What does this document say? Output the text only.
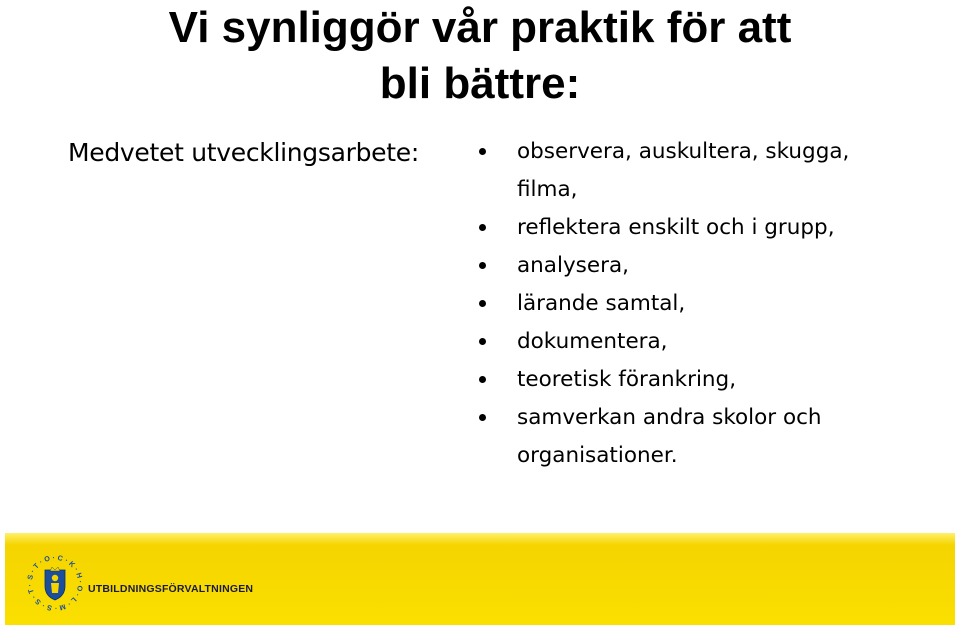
Vi synliggör vår praktik för att
bli bättre:
Medvetet utvecklingsarbete:	observera, auskultera, skugga,
filma,
reflektera enskilt och i grupp,
analysera,
lärande samtal,
dokumentera,
teoretisk förankring,
samverkan andra skolor och
organisationer.
S·T·O·C·K·H·O·L·M·S·S·T·	UTBILDNINGSFÖRVALTNINGEN
